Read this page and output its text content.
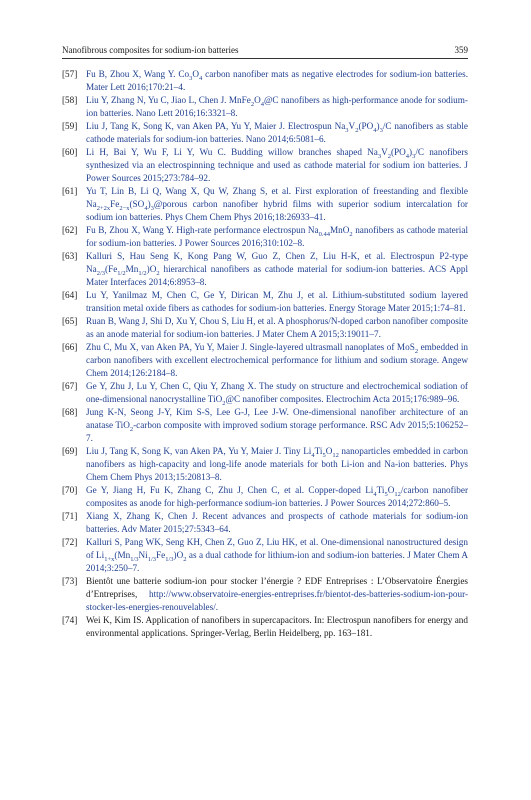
Nanofibrous composites for sodium-ion batteries	359
[57] Fu B, Zhou X, Wang Y. $Co_3O_4$ carbon nanofiber mats as negative electrodes for sodium-ion batteries. Mater Lett 2016;170:21–4.
[58] Liu Y, Zhang N, Yu C, Jiao L, Chen J. $MnFe_2O_4@C$ nanofibers as high-performance anode for sodium-ion batteries. Nano Lett 2016;16:3321–8.
[59] Liu J, Tang K, Song K, van Aken PA, Yu Y, Maier J. Electrospun $Na_3V_2(PO_4)_3/C$ nanofibers as stable cathode materials for sodium-ion batteries. Nano 2014;6:5081–6.
[60] Li H, Bai Y, Wu F, Li Y, Wu C. Budding willow branches shaped $Na_3V_2(PO_4)_3/C$ nanofibers synthesized via an electrospinning technique and used as cathode material for sodium ion batteries. J Power Sources 2015;273:784–92.
[61] Yu T, Lin B, Li Q, Wang X, Qu W, Zhang S, et al. First exploration of freestanding and flexible $Na_{2+2x}Fe_{2-x}(SO_4)_3@porous$ carbon nanofiber hybrid films with superior sodium intercalation for sodium ion batteries. Phys Chem Chem Phys 2016;18:26933–41.
[62] Fu B, Zhou X, Wang Y. High-rate performance electrospun $Na_{0.44}MnO_2$ nanofibers as cathode material for sodium-ion batteries. J Power Sources 2016;310:102–8.
[63] Kalluri S, Hau Seng K, Kong Pang W, Guo Z, Chen Z, Liu H-K, et al. Electrospun P2-type $Na_{2/3}(Fe_{1/2}Mn_{1/2})O_2$ hierarchical nanofibers as cathode material for sodium-ion batteries. ACS Appl Mater Interfaces 2014;6:8953–8.
[64] Lu Y, Yanilmaz M, Chen C, Ge Y, Dirican M, Zhu J, et al. Lithium-substituted sodium layered transition metal oxide fibers as cathodes for sodium-ion batteries. Energy Storage Mater 2015;1:74–81.
[65] Ruan B, Wang J, Shi D, Xu Y, Chou S, Liu H, et al. A phosphorus/N-doped carbon nanofiber composite as an anode material for sodium-ion batteries. J Mater Chem A 2015;3:19011–7.
[66] Zhu C, Mu X, van Aken PA, Yu Y, Maier J. Single-layered ultrasmall nanoplates of MoS$_2$ embedded in carbon nanofibers with excellent electrochemical performance for lithium and sodium storage. Angew Chem 2014;126:2184–8.
[67] Ge Y, Zhu J, Lu Y, Chen C, Qiu Y, Zhang X. The study on structure and electrochemical sodiation of one-dimensional nanocrystalline TiO$_2$@C nanofiber composites. Electrochim Acta 2015;176:989–96.
[68] Jung K-N, Seong J-Y, Kim S-S, Lee G-J, Lee J-W. One-dimensional nanofiber architecture of an anatase TiO$_2$-carbon composite with improved sodium storage performance. RSC Adv 2015;5:106252–7.
[69] Liu J, Tang K, Song K, van Aken PA, Yu Y, Maier J. Tiny $Li_4Ti_5O_{12}$ nanoparticles embedded in carbon nanofibers as high-capacity and long-life anode materials for both Li-ion and Na-ion batteries. Phys Chem Chem Phys 2013;15:20813–8.
[70] Ge Y, Jiang H, Fu K, Zhang C, Zhu J, Chen C, et al. Copper-doped $Li_4Ti_5O_{12}$/carbon nanofiber composites as anode for high-performance sodium-ion batteries. J Power Sources 2014;272:860–5.
[71] Xiang X, Zhang K, Chen J. Recent advances and prospects of cathode materials for sodium-ion batteries. Adv Mater 2015;27:5343–64.
[72] Kalluri S, Pang WK, Seng KH, Chen Z, Guo Z, Liu HK, et al. One-dimensional nanostructured design of $Li_{1+x}(Mn_{1/3}Ni_{1/3}Fe_{1/3})O_2$ as a dual cathode for lithium-ion and sodium-ion batteries. J Mater Chem A 2014;3:250–7.
[73] Bientôt une batterie sodium-ion pour stocker l’énergie ? EDF Entreprises : L’Observatoire Énergies d’Entreprises, http://www.observatoire-energies-entreprises.fr/bientot-des-batteries-sodium-ion-pour-stocker-les-energies-renouvelables/.
[74] Wei K, Kim IS. Application of nanofibers in supercapacitors. In: Electrospun nanofibers for energy and environmental applications. Springer-Verlag, Berlin Heidelberg, pp. 163–181.
